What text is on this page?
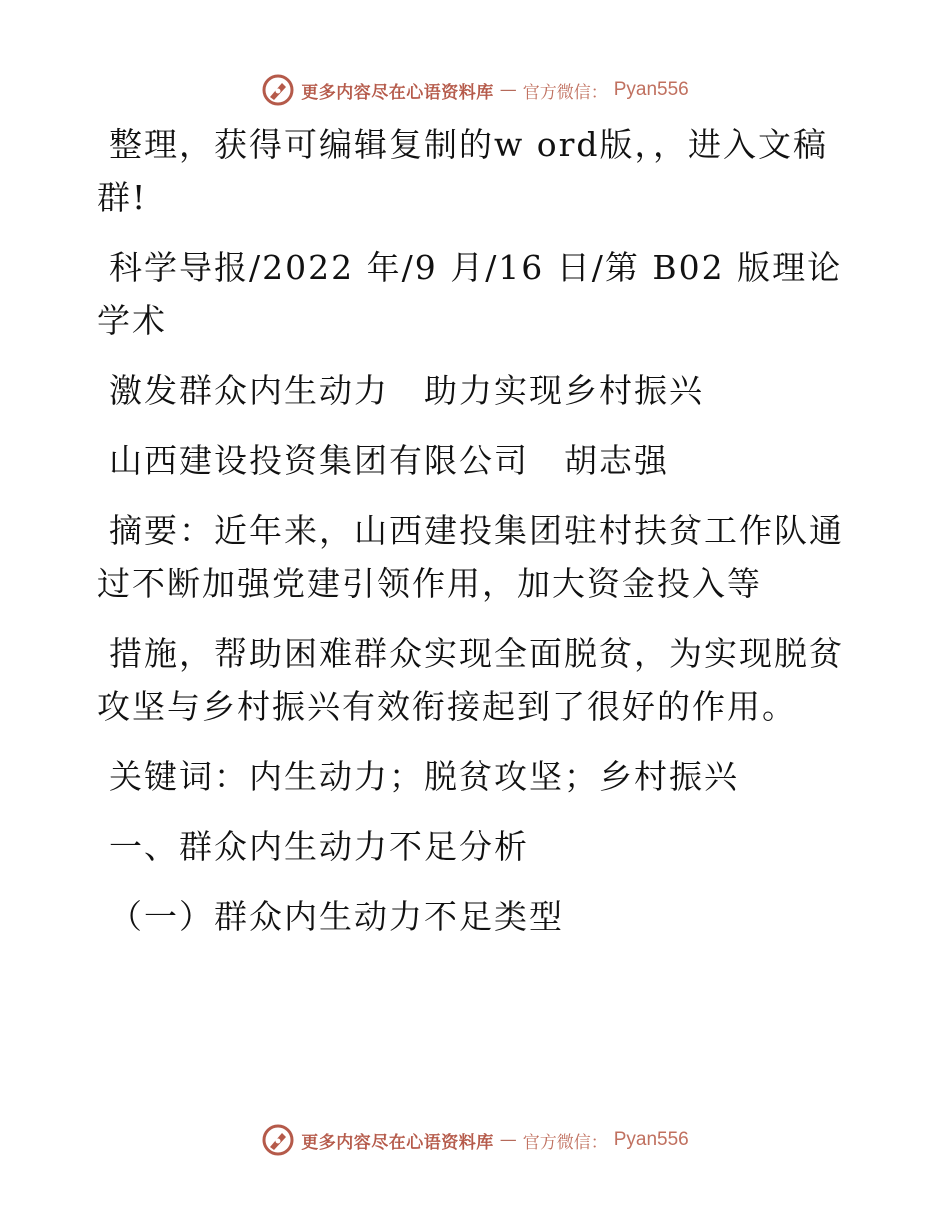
更多内容尽在心语资料库 — 官方微信： Pyan556

整理，获得可编辑复制的w ord版，，进入文稿群!

科学导报/2022 年/9 月/16 日/第 B02 版理论学术

激发群众内生动力　助力实现乡村振兴

山西建设投资集团有限公司　胡志强

摘要：近年来，山西建投集团驻村扶贫工作队通过不断加强党建引领作用，加大资金投入等

措施，帮助困难群众实现全面脱贫，为实现脱贫攻坚与乡村振兴有效衔接起到了很好的作用。

关键词：内生动力；脱贫攻坚；乡村振兴

一、群众内生动力不足分析

（一）群众内生动力不足类型

更多内容尽在心语资料库 — 官方微信： Pyan556
